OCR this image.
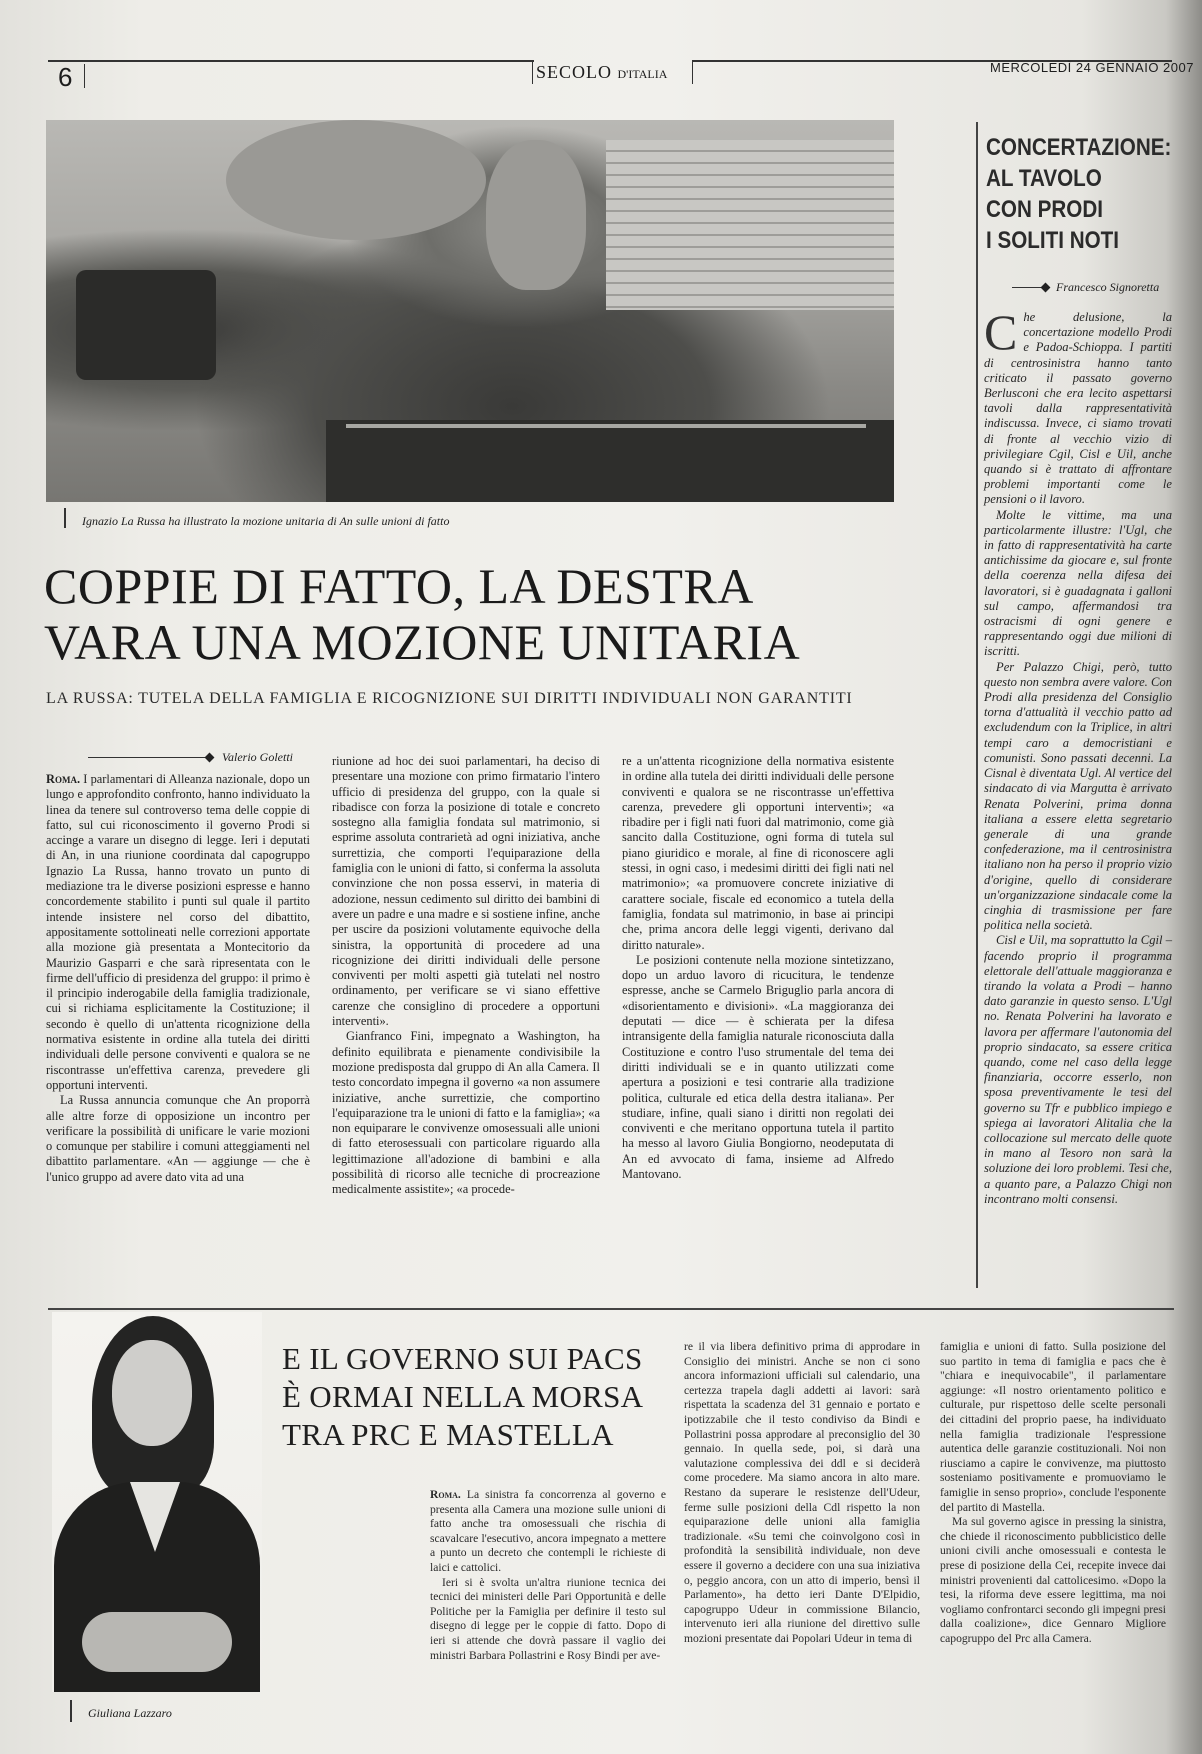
6	SECOLO D'ITALIA	MERCOLEDÌ 24 GENNAIO 2007
Ignazio La Russa ha illustrato la mozione unitaria di An sulle unioni di fatto
COPPIE DI FATTO, LA DESTRA
VARA UNA MOZIONE UNITARIA
LA RUSSA: TUTELA DELLA FAMIGLIA E RICOGNIZIONE SUI DIRITTI INDIVIDUALI NON GARANTITI
Valerio Goletti

Roma. I parlamentari di Alleanza nazionale, dopo un lungo e approfondito confronto, hanno individuato la linea da tenere sul controverso tema delle coppie di fatto, sul cui riconoscimento il governo Prodi si accinge a varare un disegno di legge. Ieri i deputati di An, in una riunione coordinata dal capogruppo Ignazio La Russa, hanno trovato un punto di mediazione tra le diverse posizioni espresse e hanno concordemente stabilito i punti sul quale il partito intende insistere nel corso del dibattito, appositamente sottolineati nelle correzioni apportate alla mozione già presentata a Montecitorio da Maurizio Gasparri e che sarà ripresentata con le firme dell'ufficio di presidenza del gruppo: il primo è il principio inderogabile della famiglia tradizionale, cui si richiama esplicitamente la Costituzione; il secondo è quello di un'attenta ricognizione della normativa esistente in ordine alla tutela dei diritti individuali delle persone conviventi e qualora se ne riscontrasse un'effettiva carenza, prevedere gli opportuni interventi.

La Russa annuncia comunque che An proporrà alle altre forze di opposizione un incontro per verificare la possibilità di unificare le varie mozioni o comunque per stabilire i comuni atteggiamenti nel dibattito parlamentare. «An — aggiunge — che è l'unico gruppo ad avere dato vita ad una

riunione ad hoc dei suoi parlamentari, ha deciso di presentare una mozione con primo firmatario l'intero ufficio di presidenza del gruppo, con la quale si ribadisce con forza la posizione di totale e concreto sostegno alla famiglia fondata sul matrimonio, si esprime assoluta contrarietà ad ogni iniziativa, anche surrettizia, che comporti l'equiparazione della famiglia con le unioni di fatto, si conferma la assoluta convinzione che non possa esservi, in materia di adozione, nessun cedimento sul diritto dei bambini di avere un padre e una madre e si sostiene infine, anche per uscire da posizioni volutamente equivoche della sinistra, la opportunità di procedere ad una ricognizione dei diritti individuali delle persone conviventi per molti aspetti già tutelati nel nostro ordinamento, per verificare se vi siano effettive carenze che consiglino di procedere a opportuni interventi».

Gianfranco Fini, impegnato a Washington, ha definito equilibrata e pienamente condivisibile la mozione predisposta dal gruppo di An alla Camera. Il testo concordato impegna il governo «a non assumere iniziative, anche surrettizie, che comportino l'equiparazione tra le unioni di fatto e la famiglia»; «a non equiparare le convivenze omosessuali alle unioni di fatto eterosessuali con particolare riguardo alla legittimazione all'adozione di bambini e alla possibilità di ricorso alle tecniche di procreazione medicalmente assistite»; «a procede-

re a un'attenta ricognizione della normativa esistente in ordine alla tutela dei diritti individuali delle persone conviventi e qualora se ne riscontrasse un'effettiva carenza, prevedere gli opportuni interventi»; «a ribadire per i figli nati fuori dal matrimonio, come già sancito dalla Costituzione, ogni forma di tutela sul piano giuridico e morale, al fine di riconoscere agli stessi, in ogni caso, i medesimi diritti dei figli nati nel matrimonio»; «a promuovere concrete iniziative di carattere sociale, fiscale ed economico a tutela della famiglia, fondata sul matrimonio, in base ai principi che, prima ancora delle leggi vigenti, derivano dal diritto naturale».

Le posizioni contenute nella mozione sintetizzano, dopo un arduo lavoro di ricucitura, le tendenze espresse, anche se Carmelo Briguglio parla ancora di «disorientamento e divisioni». «La maggioranza dei deputati — dice — è schierata per la difesa intransigente della famiglia naturale riconosciuta dalla Costituzione e contro l'uso strumentale del tema dei diritti individuali se e in quanto utilizzati come apertura a posizioni e tesi contrarie alla tradizione politica, culturale ed etica della destra italiana». Per studiare, infine, quali siano i diritti non regolati dei conviventi e che meritano opportuna tutela il partito ha messo al lavoro Giulia Bongiorno, neodeputata di An ed avvocato di fama, insieme ad Alfredo Mantovano.

CONCERTAZIONE:
AL TAVOLO
CON PRODI
I SOLITI NOTI
Francesco Signoretta

Che delusione, la concertazione modello Prodi e Padoa-Schioppa. I partiti di centrosinistra hanno tanto criticato il passato governo Berlusconi che era lecito aspettarsi tavoli dalla rappresentatività indiscussa. Invece, ci siamo trovati di fronte al vecchio vizio di privilegiare Cgil, Cisl e Uil, anche quando si è trattato di affrontare problemi importanti come le pensioni o il lavoro.

Molte le vittime, ma una particolarmente illustre: l'Ugl, che in fatto di rappresentatività ha carte antichissime da giocare e, sul fronte della coerenza nella difesa dei lavoratori, si è guadagnata i galloni sul campo, affermandosi tra ostracismi di ogni genere e rappresentando oggi due milioni di iscritti.

Per Palazzo Chigi, però, tutto questo non sembra avere valore. Con Prodi alla presidenza del Consiglio torna d'attualità il vecchio patto ad excludendum con la Triplice, in altri tempi caro a democristiani e comunisti. Sono passati decenni. La Cisnal è diventata Ugl. Al vertice del sindacato di via Margutta è arrivato Renata Polverini, prima donna italiana a essere eletta segretario generale di una grande confederazione, ma il centrosinistra italiano non ha perso il proprio vizio d'origine, quello di considerare un'organizzazione sindacale come la cinghia di trasmissione per fare politica nella società.

Cisl e Uil, ma soprattutto la Cgil – facendo proprio il programma elettorale dell'attuale maggioranza e tirando la volata a Prodi – hanno dato garanzie in questo senso. L'Ugl no. Renata Polverini ha lavorato e lavora per affermare l'autonomia del proprio sindacato, sa essere critica quando, come nel caso della legge finanziaria, occorre esserlo, non sposa preventivamente le tesi del governo su Tfr e pubblico impiego e spiega ai lavoratori Alitalia che la collocazione sul mercato delle quote in mano al Tesoro non sarà la soluzione dei loro problemi. Tesi che, a quanto pare, a Palazzo Chigi non incontrano molti consensi.

Giuliana Lazzaro
E IL GOVERNO SUI PACS
È ORMAI NELLA MORSA
TRA PRC E MASTELLA

Roma. La sinistra fa concorrenza al governo e presenta alla Camera una mozione sulle unioni di fatto anche tra omosessuali che rischia di scavalcare l'esecutivo, ancora impegnato a mettere a punto un decreto che contempli le richieste di laici e cattolici.

Ieri si è svolta un'altra riunione tecnica dei tecnici dei ministeri delle Pari Opportunità e delle Politiche per la Famiglia per definire il testo sul disegno di legge per le coppie di fatto. Dopo di ieri si attende che dovrà passare il vaglio dei ministri Barbara Pollastrini e Rosy Bindi per ave-

re il via libera definitivo prima di approdare in Consiglio dei ministri. Anche se non ci sono ancora informazioni ufficiali sul calendario, una certezza trapela dagli addetti ai lavori: sarà rispettata la scadenza del 31 gennaio e portato e ipotizzabile che il testo condiviso da Bindi e Pollastrini possa approdare al preconsiglio del 30 gennaio. In quella sede, poi, si darà una valutazione complessiva dei ddl e si deciderà come procedere. Ma siamo ancora in alto mare. Restano da superare le resistenze dell'Udeur, ferme sulle posizioni della Cdl rispetto la non equiparazione delle unioni alla famiglia tradizionale. «Su temi che coinvolgono così in profondità la sensibilità individuale, non deve essere il governo a decidere con una sua iniziativa o, peggio ancora, con un atto di imperio, bensì il Parlamento», ha detto ieri Dante D'Elpidio, capogruppo Udeur in commissione Bilancio, intervenuto ieri alla riunione del direttivo sulle mozioni presentate dai Popolari Udeur in tema di

famiglia e unioni di fatto. Sulla posizione del suo partito in tema di famiglia e pacs che è "chiara e inequivocabile", il parlamentare aggiunge: «Il nostro orientamento politico e culturale, pur rispettoso delle scelte personali dei cittadini del proprio paese, ha individuato nella famiglia tradizionale l'espressione autentica delle garanzie costituzionali. Noi non riusciamo a capire le convivenze, ma piuttosto sosteniamo positivamente e promuoviamo le famiglie in senso proprio», conclude l'esponente del partito di Mastella.

Ma sul governo agisce in pressing la sinistra, che chiede il riconoscimento pubblicistico delle unioni civili anche omosessuali e contesta le prese di posizione della Cei, recepite invece dai ministri provenienti dal cattolicesimo. «Dopo la tesi, la riforma deve essere legittima, ma noi vogliamo confrontarci secondo gli impegni presi dalla coalizione», dice Gennaro Migliore capogruppo del Prc alla Camera.
